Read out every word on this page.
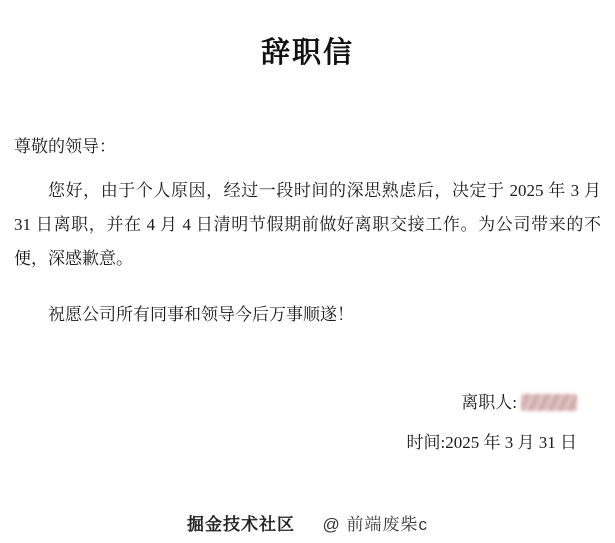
辞职信
尊敬的领导：

您好，由于个人原因，经过一段时间的深思熟虑后，决定于 2025 年 3 月 31 日离职，并在 4 月 4 日清明节假期前做好离职交接工作。为公司带来的不便，深感歉意。

祝愿公司所有同事和领导今后万事顺遂！

离职人:
时间:2025 年 3 月 31 日
掘金技术社区 @ 前端废柴c
